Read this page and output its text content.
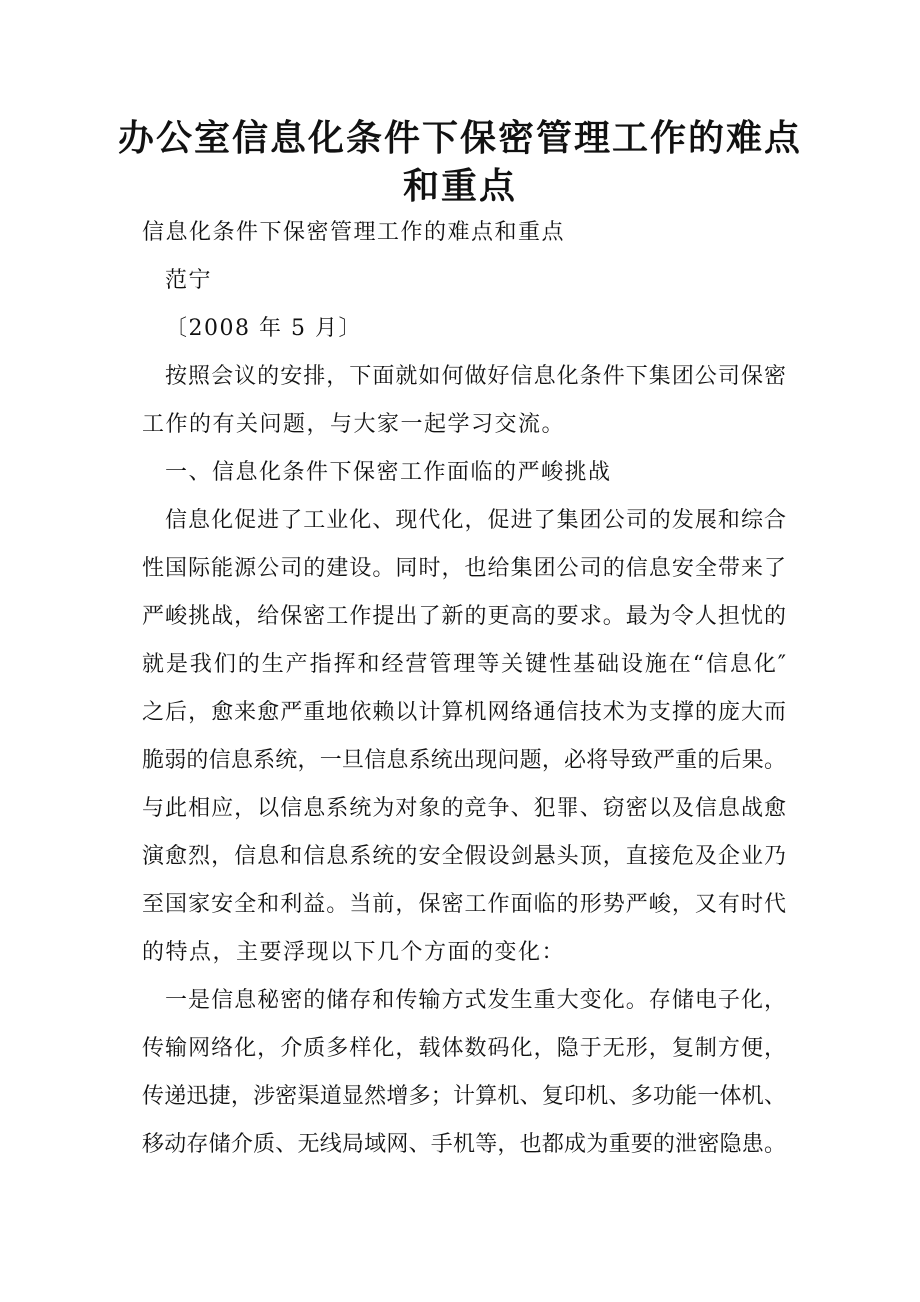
办公室信息化条件下保密管理工作的难点
和重点
信息化条件下保密管理工作的难点和重点
范宁
〔2008 年 5 月〕
按照会议的安排，下面就如何做好信息化条件下集团公司保密
工作的有关问题，与大家一起学习交流。
一、信息化条件下保密工作面临的严峻挑战
信息化促进了工业化、现代化，促进了集团公司的发展和综合
性国际能源公司的建设。同时，也给集团公司的信息安全带来了
严峻挑战，给保密工作提出了新的更高的要求。最为令人担忧的
就是我们的生产指挥和经营管理等关键性基础设施在“信息化″
之后，愈来愈严重地依赖以计算机网络通信技术为支撑的庞大而
脆弱的信息系统，一旦信息系统出现问题，必将导致严重的后果。
与此相应，以信息系统为对象的竞争、犯罪、窃密以及信息战愈
演愈烈，信息和信息系统的安全假设剑悬头顶，直接危及企业乃
至国家安全和利益。当前，保密工作面临的形势严峻，又有时代
的特点，主要浮现以下几个方面的变化：
一是信息秘密的储存和传输方式发生重大变化。存储电子化，
传输网络化，介质多样化，载体数码化，隐于无形，复制方便，
传递迅捷，涉密渠道显然增多；计算机、复印机、多功能一体机、
移动存储介质、无线局域网、手机等，也都成为重要的泄密隐患。
